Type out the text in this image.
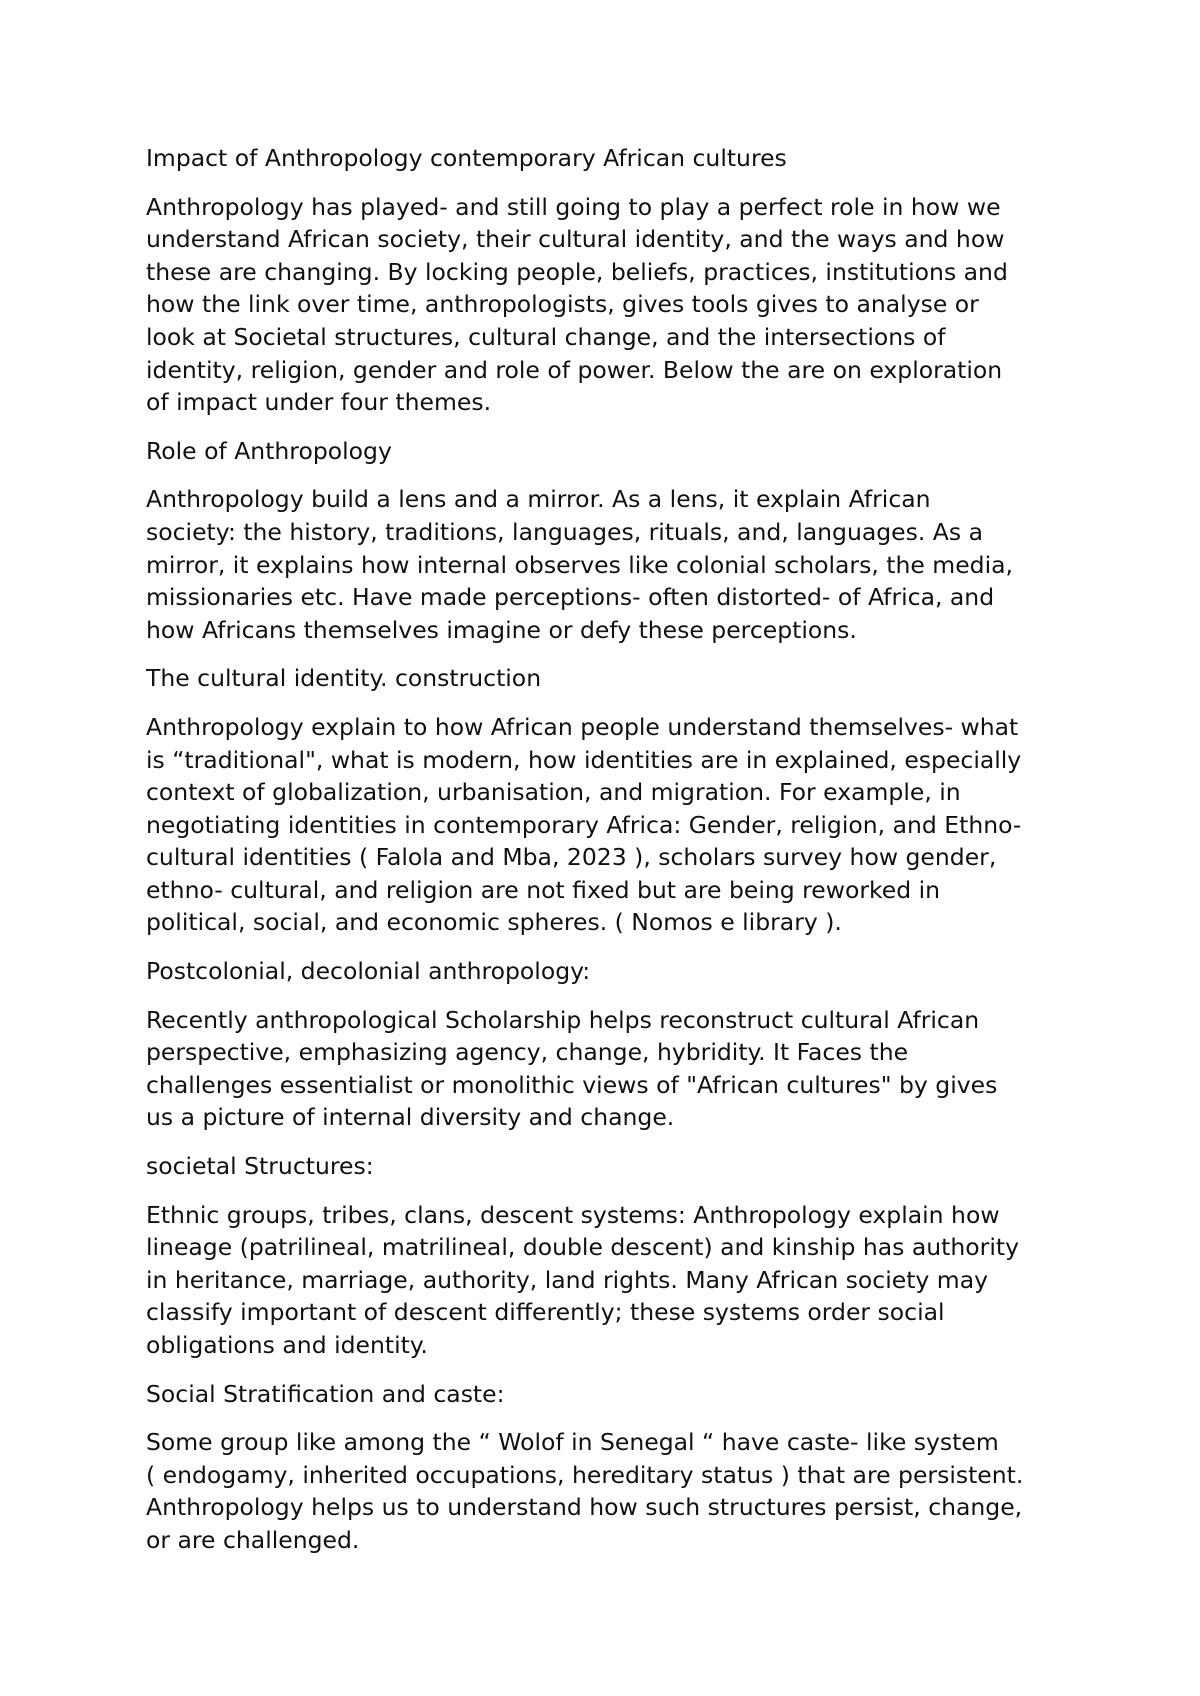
Impact of Anthropology contemporary African cultures

Anthropology has played- and still going to play a perfect role in how we
understand African society, their cultural identity, and the ways and how
these are changing. By locking people, beliefs, practices, institutions and
how the link over time, anthropologists, gives tools gives to analyse or
look at Societal structures, cultural change, and the intersections of
identity, religion, gender and role of power. Below the are on exploration
of impact under four themes.

Role of Anthropology

Anthropology build a lens and a mirror. As a lens, it explain African
society: the history, traditions, languages, rituals, and, languages. As a
mirror, it explains how internal observes like colonial scholars, the media,
missionaries etc. Have made perceptions- often distorted- of Africa, and
how Africans themselves imagine or defy these perceptions.

The cultural identity. construction

Anthropology explain to how African people understand themselves- what
is “traditional", what is modern, how identities are in explained, especially
context of globalization, urbanisation, and migration. For example, in
negotiating identities in contemporary Africa: Gender, religion, and Ethno-
cultural identities ( Falola and Mba, 2023 ), scholars survey how gender,
ethno- cultural, and religion are not fixed but are being reworked in
political, social, and economic spheres. ( Nomos e library ).

Postcolonial, decolonial anthropology:

Recently anthropological Scholarship helps reconstruct cultural African
perspective, emphasizing agency, change, hybridity. It Faces the
challenges essentialist or monolithic views of "African cultures" by gives
us a picture of internal diversity and change.

societal Structures:

Ethnic groups, tribes, clans, descent systems: Anthropology explain how
lineage (patrilineal, matrilineal, double descent) and kinship has authority
in heritance, marriage, authority, land rights. Many African society may
classify important of descent differently; these systems order social
obligations and identity.

Social Stratification and caste:

Some group like among the “ Wolof in Senegal “ have caste- like system
( endogamy, inherited occupations, hereditary status ) that are persistent.
Anthropology helps us to understand how such structures persist, change,
or are challenged.
